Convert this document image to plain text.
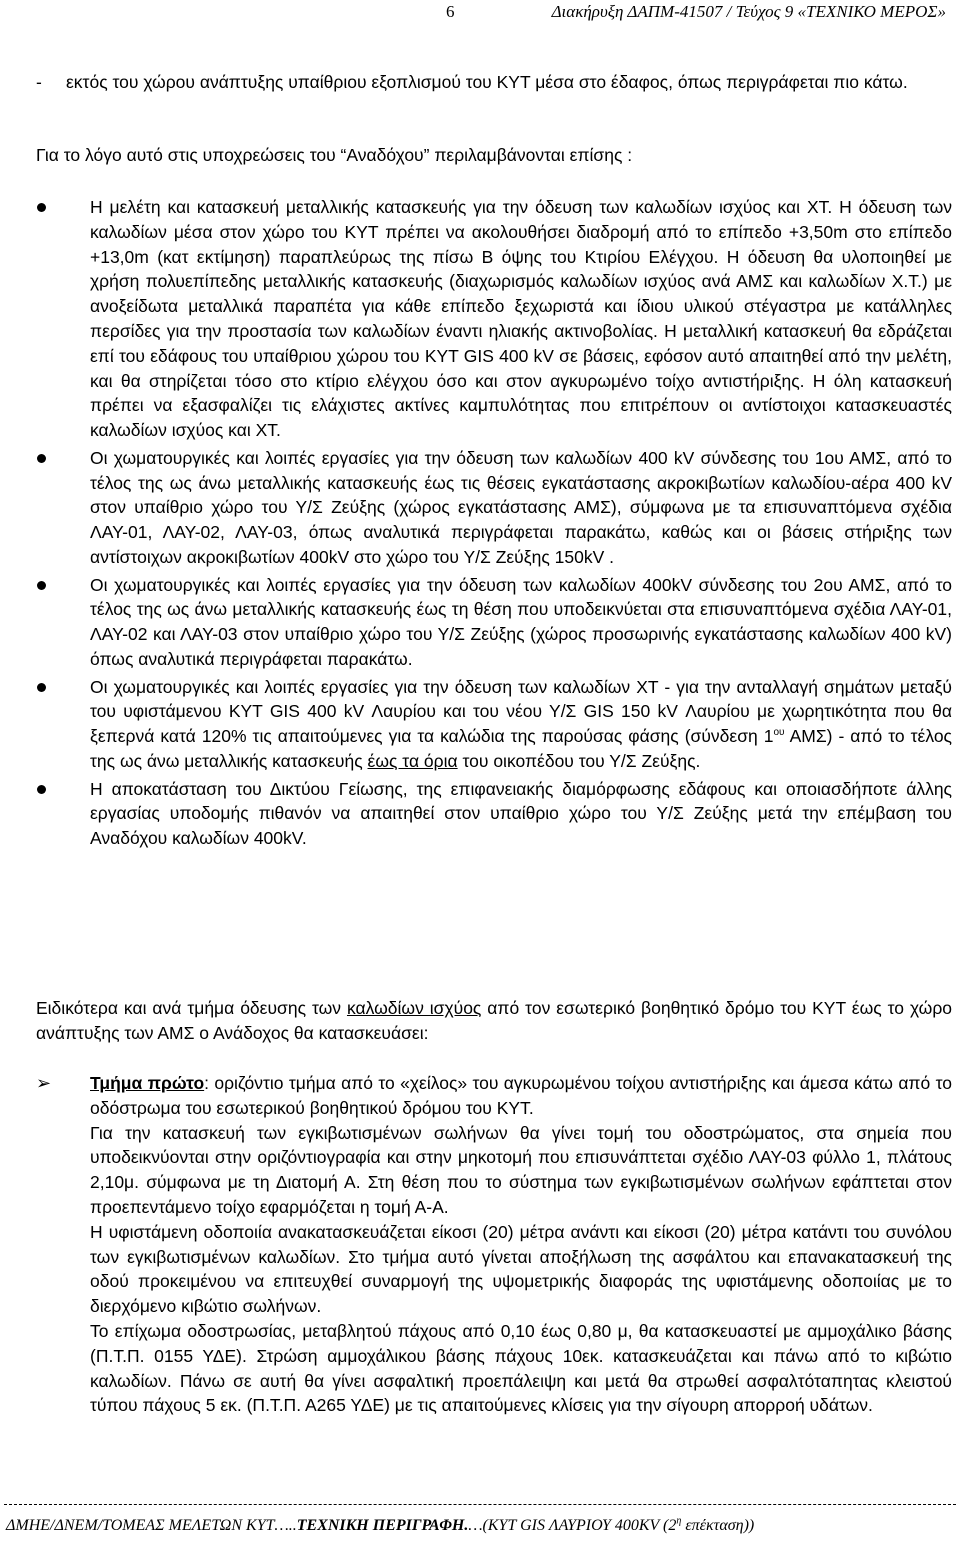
6	Διακήρυξη ΔΑΠΜ-41507 / Τεύχος 9 «ΤΕΧΝΙΚΟ ΜΕΡΟΣ»
- εκτός του χώρου ανάπτυξης υπαίθριου εξοπλισμού του ΚΥΤ μέσα στο έδαφος, όπως περιγράφεται πιο κάτω.
Για το λόγο αυτό στις υποχρεώσεις του “Αναδόχου” περιλαμβάνονται επίσης :
Η μελέτη και κατασκευή μεταλλικής κατασκευής για την όδευση των καλωδίων ισχύος και ΧΤ. Η όδευση των καλωδίων μέσα στον χώρο του ΚΥΤ πρέπει να ακολουθήσει διαδρομή από το επίπεδο +3,50m στο επίπεδο +13,0m (κατ εκτίμηση) παραπλεύρως της πίσω Β όψης του Κτιρίου Ελέγχου. Η όδευση θα υλοποιηθεί με χρήση πολυεπίπεδης μεταλλικής κατασκευής (διαχωρισμός καλωδίων ισχύος ανά ΑΜΣ και καλωδίων Χ.Τ.) με ανοξείδωτα μεταλλικά παραπέτα για κάθε επίπεδο ξεχωριστά και ίδιου υλικού στέγαστρα με κατάλληλες περσίδες για την προστασία των καλωδίων έναντι ηλιακής ακτινοβολίας. Η μεταλλική κατασκευή θα εδράζεται επί του εδάφους του υπαίθριου χώρου του ΚΥΤ GIS 400 kV σε βάσεις, εφόσον αυτό απαιτηθεί από την μελέτη, και θα στηρίζεται τόσο στο κτίριο ελέγχου όσο και στον αγκυρωμένο τοίχο αντιστήριξης. Η όλη κατασκευή πρέπει να εξασφαλίζει τις ελάχιστες ακτίνες καμπυλότητας που επιτρέπουν οι αντίστοιχοι κατασκευαστές καλωδίων ισχύος και ΧΤ.
Οι χωματουργικές και λοιπές εργασίες για την όδευση των καλωδίων 400 kV σύνδεσης του 1ου ΑΜΣ, από το τέλος της ως άνω μεταλλικής κατασκευής έως τις θέσεις εγκατάστασης ακροκιβωτίων καλωδίου-αέρα 400 kV στον υπαίθριο χώρο του Υ/Σ Ζεύξης (χώρος εγκατάστασης ΑΜΣ), σύμφωνα με τα επισυναπτόμενα σχέδια ΛΑΥ-01, ΛΑΥ-02, ΛΑΥ-03, όπως αναλυτικά περιγράφεται παρακάτω, καθώς και οι βάσεις στήριξης των αντίστοιχων ακροκιβωτίων 400kV στο χώρο του Υ/Σ Ζεύξης 150kV .
Οι χωματουργικές και λοιπές εργασίες για την όδευση των καλωδίων 400kV σύνδεσης του 2ου ΑΜΣ, από το τέλος της ως άνω μεταλλικής κατασκευής έως τη θέση που υποδεικνύεται στα επισυναπτόμενα σχέδια ΛΑΥ-01, ΛΑΥ-02 και ΛΑΥ-03 στον υπαίθριο χώρο του Υ/Σ Ζεύξης (χώρος προσωρινής εγκατάστασης καλωδίων 400 kV) όπως αναλυτικά περιγράφεται παρακάτω.
Οι χωματουργικές και λοιπές εργασίες για την όδευση των καλωδίων ΧΤ - για την ανταλλαγή σημάτων μεταξύ του υφιστάμενου ΚΥΤ GIS 400 kV Λαυρίου και του νέου Υ/Σ GIS 150 kV Λαυρίου με χωρητικότητα που θα ξεπερνά κατά 120% τις απαιτούμενες για τα καλώδια της παρούσας φάσης (σύνδεση $1^{o\upsilon}$ ΑΜΣ) - από το τέλος της ως άνω μεταλλικής κατασκευής έως τα όρια του οικοπέδου του Υ/Σ Ζεύξης.
Η αποκατάσταση του Δικτύου Γείωσης, της επιφανειακής διαμόρφωσης εδάφους και οποιασδήποτε άλλης εργασίας υποδομής πιθανόν να απαιτηθεί στον υπαίθριο χώρο του Υ/Σ Ζεύξης μετά την επέμβαση του Αναδόχου καλωδίων 400kV.
Ειδικότερα και ανά τμήμα όδευσης των καλωδίων ισχύος από τον εσωτερικό βοηθητικό δρόμο του ΚΥΤ έως το χώρο ανάπτυξης των ΑΜΣ ο Ανάδοχος θα κατασκευάσει:
➢ Τμήμα πρώτο: οριζόντιο τμήμα από το «χείλος» του αγκυρωμένου τοίχου αντιστήριξης και άμεσα κάτω από το οδόστρωμα του εσωτερικού βοηθητικού δρόμου του ΚΥΤ.
Για την κατασκευή των εγκιβωτισμένων σωλήνων θα γίνει τομή του οδοστρώματος, στα σημεία που υποδεικνύονται στην οριζόντιογραφία και στην μηκοτομή που επισυνάπτεται σχέδιο ΛΑΥ-03 φύλλο 1, πλάτους 2,10μ. σύμφωνα με τη Διατομή Α. Στη θέση που το σύστημα των εγκιβωτισμένων σωλήνων εφάπτεται στον προεπεντάμενο τοίχο εφαρμόζεται η τομή Α-Α.
Η υφιστάμενη οδοποιία ανακατασκευάζεται είκοσι (20) μέτρα ανάντι και είκοσι (20) μέτρα κατάντι του συνόλου των εγκιβωτισμένων καλωδίων. Στο τμήμα αυτό γίνεται αποξήλωση της ασφάλτου και επανακατασκευή της οδού προκειμένου να επιτευχθεί συναρμογή της υψομετρικής διαφοράς της υφιστάμενης οδοποιίας με το διερχόμενο κιβώτιο σωλήνων.
Το επίχωμα οδοστρωσίας, μεταβλητού πάχους από 0,10 έως 0,80 μ, θα κατασκευαστεί με αμμοχάλικο βάσης (Π.Τ.Π. 0155 ΥΔΕ). Στρώση αμμοχάλικου βάσης πάχους 10εκ. κατασκευάζεται και πάνω από το κιβώτιο καλωδίων. Πάνω σε αυτή θα γίνει ασφαλτική προεπάλειψη και μετά θα στρωθεί ασφαλτόταπητας κλειστού τύπου πάχους 5 εκ. (Π.Τ.Π. Α265 ΥΔΕ) με τις απαιτούμενες κλίσεις για την σίγουρη απορροή υδάτων.
ΔΜΗΕ/ΔΝΕΜ/ΤΟΜΕΑΣ ΜΕΛΕΤΩΝ ΚΥΤ…..ΤΕΧΝΙΚΗ ΠΕΡΙΓΡΑΦΗ.…(ΚΥΤ GIS ΛΑΥΡΙΟΥ 400KV ($2^\eta$ επέκταση))
